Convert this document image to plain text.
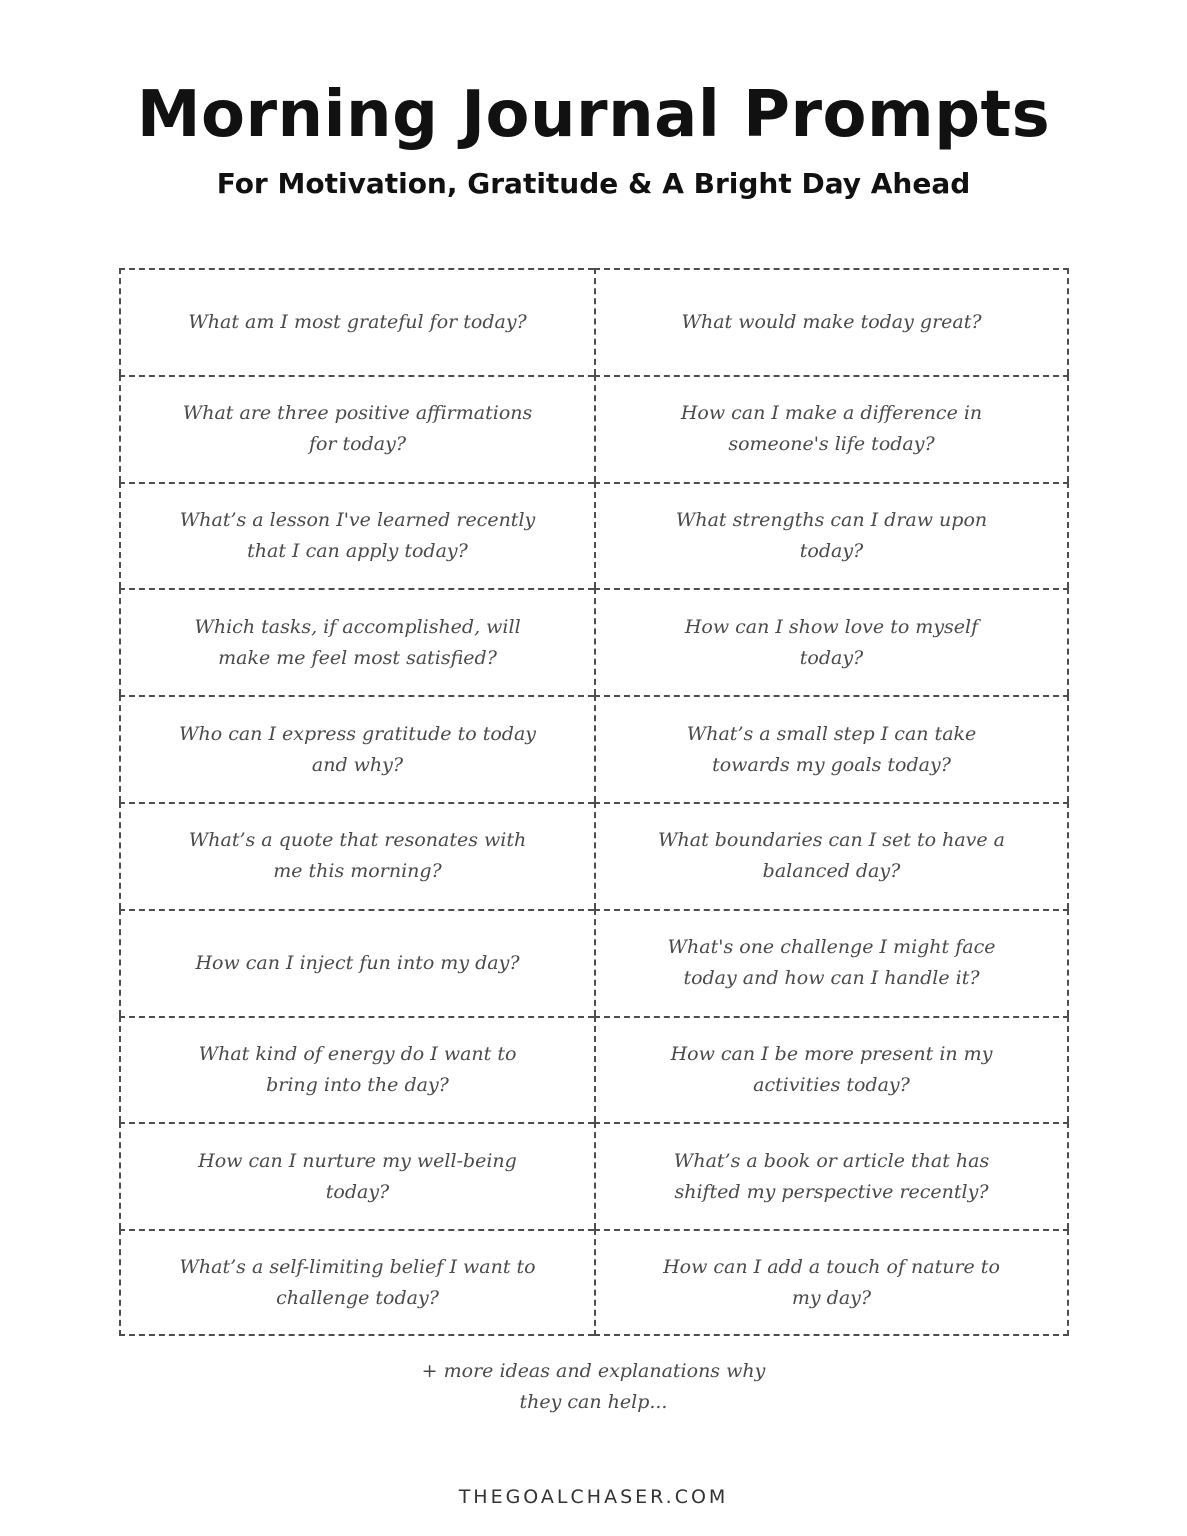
Morning Journal Prompts
For Motivation, Gratitude & A Bright Day Ahead
What am I most grateful for today?	What would make today great?
What are three positive affirmations for today?
How can I make a difference in someone's life today?
What’s a lesson I've learned recently that I can apply today?
What strengths can I draw upon today?
Which tasks, if accomplished, will make me feel most satisfied?
How can I show love to myself today?
Who can I express gratitude to today and why?
What’s a small step I can take towards my goals today?
What’s a quote that resonates with me this morning?
What boundaries can I set to have a balanced day?
How can I inject fun into my day?
What's one challenge I might face today and how can I handle it?
What kind of energy do I want to bring into the day?
How can I be more present in my activities today?
How can I nurture my well-being today?
What’s a book or article that has shifted my perspective recently?
What’s a self-limiting belief I want to challenge today?
How can I add a touch of nature to my day?
+ more ideas and explanations why
they can help...
THEGOALCHASER.COM
